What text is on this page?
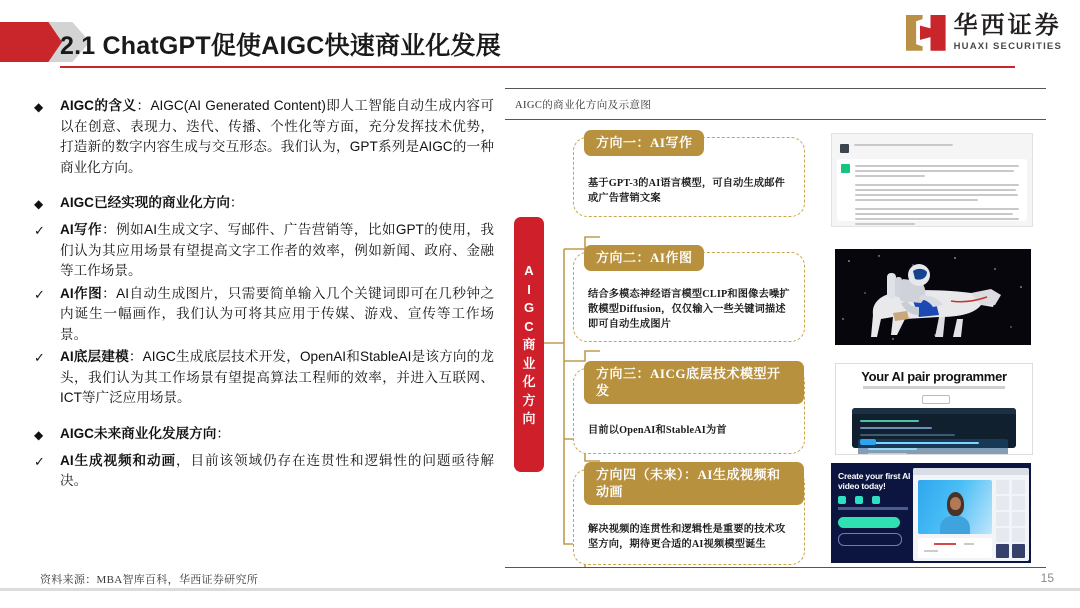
2.1 ChatGPT促使AIGC快速商业化发展
华西证券
HUAXI SECURITIES
◆	AIGC的含义：AIGC(AI Generated Content)即人工智能自动生成内容可以在创意、表现力、迭代、传播、个性化等方面，充分发挥技术优势，打造新的数字内容生成与交互形态。我们认为，GPT系列是AIGC的一种商业化方向。
◆	AIGC已经实现的商业化方向：
✓	AI写作：例如AI生成文字、写邮件、广告营销等，比如GPT的使用，我们认为其应用场景有望提高文字工作者的效率，例如新闻、政府、金融等工作场景。
✓	AI作图：AI自动生成图片，只需要简单输入几个关键词即可在几秒钟之内诞生一幅画作，我们认为可将其应用于传媒、游戏、宣传等工作场景。
✓	AI底层建模：AIGC生成底层技术开发，OpenAI和StableAI是该方向的龙头，我们认为其工作场景有望提高算法工程师的效率，并进入互联网、ICT等广泛应用场景。
◆	AIGC未来商业化发展方向：
✓	AI生成视频和动画，目前该领域仍存在连贯性和逻辑性的问题亟待解决。
AIGC的商业化方向及示意图
A
I
G
C
商
业
化
方
向
方向一：AI写作
基于GPT-3的AI语言模型，可自动生成邮件或广告营销文案
方向二：AI作图
结合多模态神经语言模型CLIP和图像去噪扩散模型Diffusion，仅仅输入一些关键词描述即可自动生成图片
方向三：AICG底层技术模型开发
目前以OpenAI和StableAI为首
方向四（未来）：AI生成视频和动画
解决视频的连贯性和逻辑性是重要的技术攻坚方向，期待更合适的AI视频模型诞生
Your AI pair programmer
Create your first AI video today!
资料来源：MBA智库百科，华西证券研究所	15
